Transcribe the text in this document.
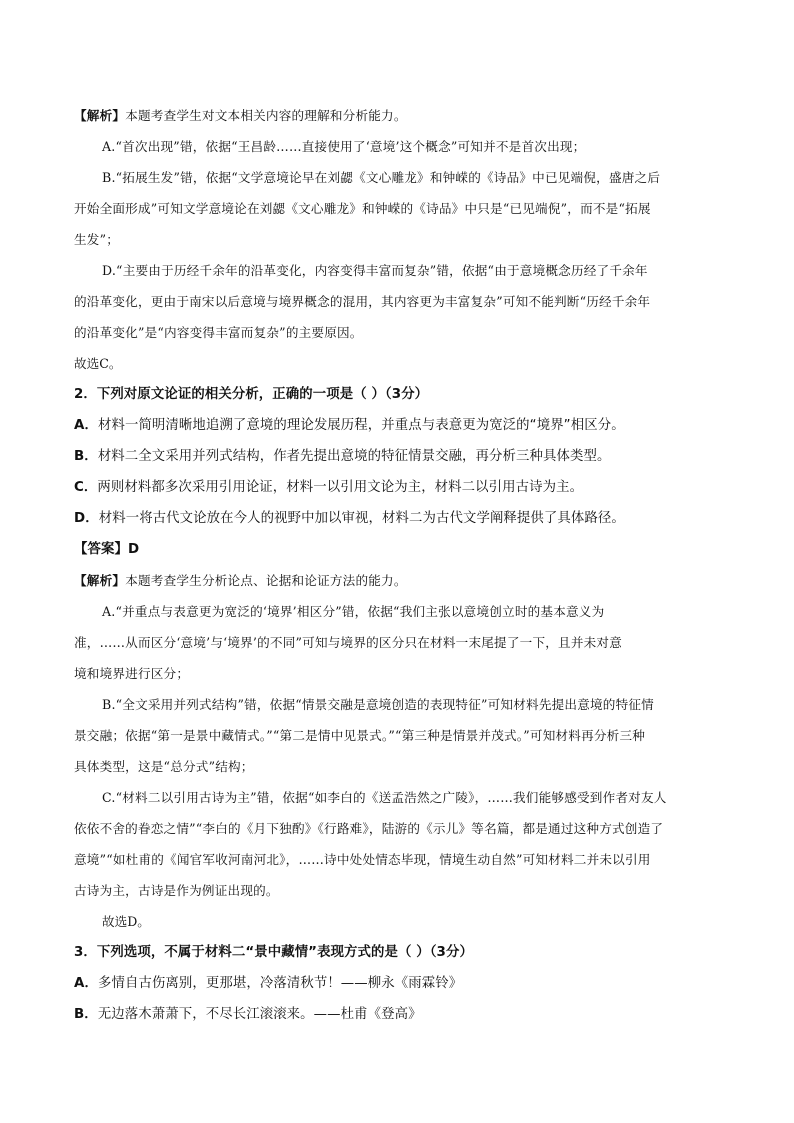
【解析】本题考查学生对文本相关内容的理解和分析能力。
A.“首次出现”错，依据“王昌龄……直接使用了‘意境’这个概念”可知并不是首次出现；
B.“拓展生发”错，依据“文学意境论早在刘勰《文心雕龙》和钟嵘的《诗品》中已见端倪，盛唐之后
开始全面形成”可知文学意境论在刘勰《文心雕龙》和钟嵘的《诗品》中只是“已见端倪”，而不是“拓展
生发”；
D.“主要由于历经千余年的沿革变化，内容变得丰富而复杂”错，依据“由于意境概念历经了千余年
的沿革变化，更由于南宋以后意境与境界概念的混用，其内容更为丰富复杂”可知不能判断“历经千余年
的沿革变化”是“内容变得丰富而复杂”的主要原因。
故选C。
2．下列对原文论证的相关分析，正确的一项是（ ）（3分）
A．材料一简明清晰地追溯了意境的理论发展历程，并重点与表意更为宽泛的“境界”相区分。
B．材料二全文采用并列式结构，作者先提出意境的特征情景交融，再分析三种具体类型。
C．两则材料都多次采用引用论证，材料一以引用文论为主，材料二以引用古诗为主。
D．材料一将古代文论放在今人的视野中加以审视，材料二为古代文学阐释提供了具体路径。
【答案】D
【解析】本题考查学生分析论点、论据和论证方法的能力。
A.“并重点与表意更为宽泛的‘境界’相区分”错，依据“我们主张以意境创立时的基本意义为
准，……从而区分‘意境’与‘境界’的不同”可知与境界的区分只在材料一末尾提了一下，且并未对意
境和境界进行区分；
B.“全文采用并列式结构”错，依据“情景交融是意境创造的表现特征”可知材料先提出意境的特征情
景交融；依据“第一是景中藏情式。”“第二是情中见景式。”“第三种是情景并茂式。”可知材料再分析三种
具体类型，这是“总分式”结构；
C.“材料二以引用古诗为主”错，依据“如李白的《送孟浩然之广陵》，……我们能够感受到作者对友人
依依不舍的眷恋之情”“李白的《月下独酌》《行路难》，陆游的《示儿》等名篇，都是通过这种方式创造了
意境”“如杜甫的《闻官军收河南河北》，……诗中处处情态毕现，情境生动自然”可知材料二并未以引用
古诗为主，古诗是作为例证出现的。
故选D。
3．下列选项，不属于材料二“景中藏情”表现方式的是（ ）（3分）
A．多情自古伤离别，更那堪，冷落清秋节！——柳永《雨霖铃》
B．无边落木萧萧下，不尽长江滚滚来。——杜甫《登高》
